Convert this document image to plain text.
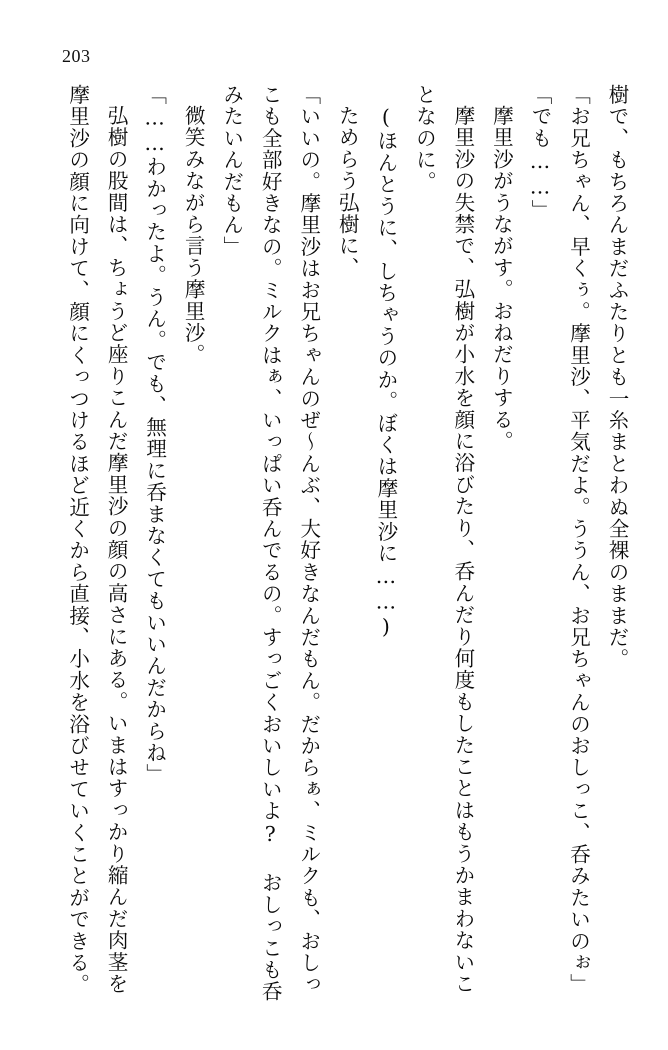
203

樹で、もちろんまだふたりとも一糸まとわぬ全裸のままだ。

「お兄ちゃん、早くぅ。摩里沙、平気だよ。ううん、お兄ちゃんのおしっこ、呑みたいのぉ」

「でも……」

摩里沙がうながす。おねだりする。

摩里沙の失禁で、弘樹が小水を顔に浴びたり、呑んだり何度もしたことはもうかまわないことなのに。

(ほんとうに、しちゃうのか。ぼくは摩里沙に……)

ためらう弘樹に、

「いいの。摩里沙はお兄ちゃんのぜ〜んぶ、大好きなんだもん。だからぁ、ミルクも、おしっこも全部好きなの。ミルクはぁ、いっぱい呑んでるの。すっごくおいしいよ? おしっこも呑みたいんだもん」

微笑みながら言う摩里沙。

「……わかったよ。うん。でも、無理に呑まなくてもいいんだからね」

弘樹の股間は、ちょうど座りこんだ摩里沙の顔の高さにある。いまはすっかり縮んだ肉茎を摩里沙の顔に向けて、顔にくっつけるほど近くから直接、小水を浴びせていくことができる。
